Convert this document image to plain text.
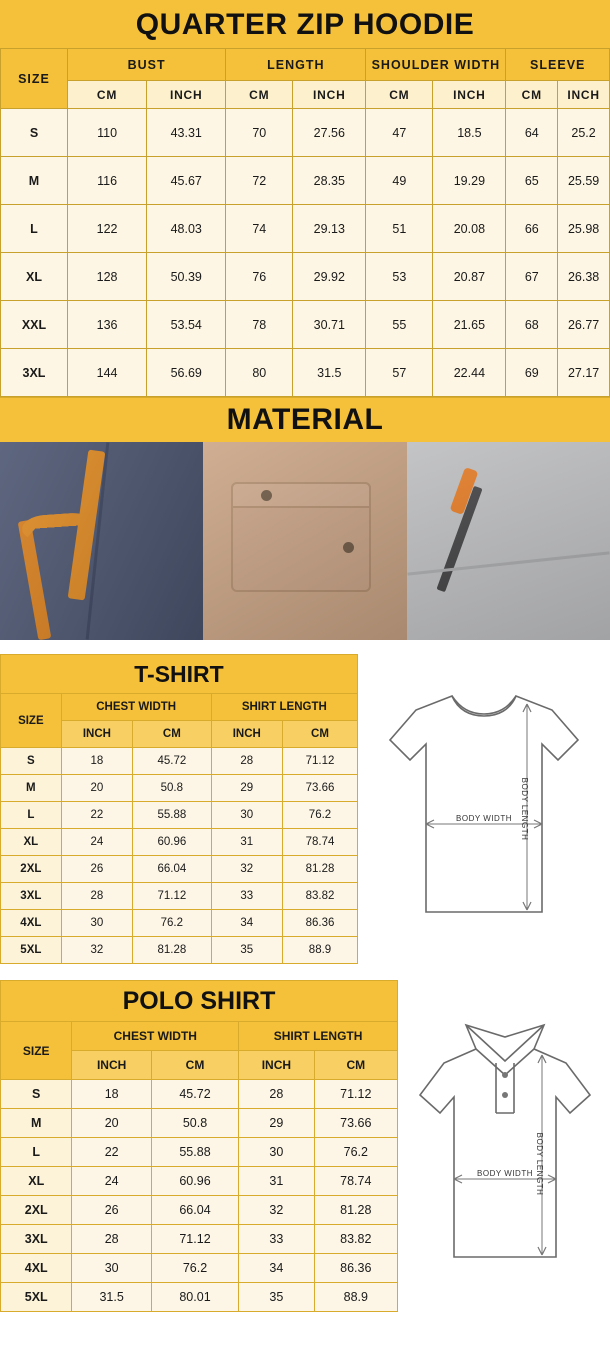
QUARTER ZIP HOODIE
SIZE	BUST		LENGTH		SHOULDER WIDTH		SLEEVE	
	CM	INCH	CM	INCH	CM	INCH	CM	INCH
S	110	43.31	70	27.56	47	18.5	64	25.2
M	116	45.67	72	28.35	49	19.29	65	25.59
L	122	48.03	74	29.13	51	20.08	66	25.98
XL	128	50.39	76	29.92	53	20.87	67	26.38
XXL	136	53.54	78	30.71	55	21.65	68	26.77
3XL	144	56.69	80	31.5	57	22.44	69	27.17
MATERIAL
T-SHIRT
SIZE	CHEST WIDTH		SHIRT LENGTH	
	INCH	CM	INCH	CM
S	18	45.72	28	71.12
M	20	50.8	29	73.66
L	22	55.88	30	76.2
XL	24	60.96	31	78.74
2XL	26	66.04	32	81.28
3XL	28	71.12	33	83.82
4XL	30	76.2	34	86.36
5XL	32	81.28	35	88.9
BODY WIDTH BODY LENGTH
POLO SHIRT
SIZE	CHEST WIDTH		SHIRT LENGTH	
	INCH	CM	INCH	CM
S	18	45.72	28	71.12
M	20	50.8	29	73.66
L	22	55.88	30	76.2
XL	24	60.96	31	78.74
2XL	26	66.04	32	81.28
3XL	28	71.12	33	83.82
4XL	30	76.2	34	86.36
5XL	31.5	80.01	35	88.9
BODY WIDTH BODY LENGTH
